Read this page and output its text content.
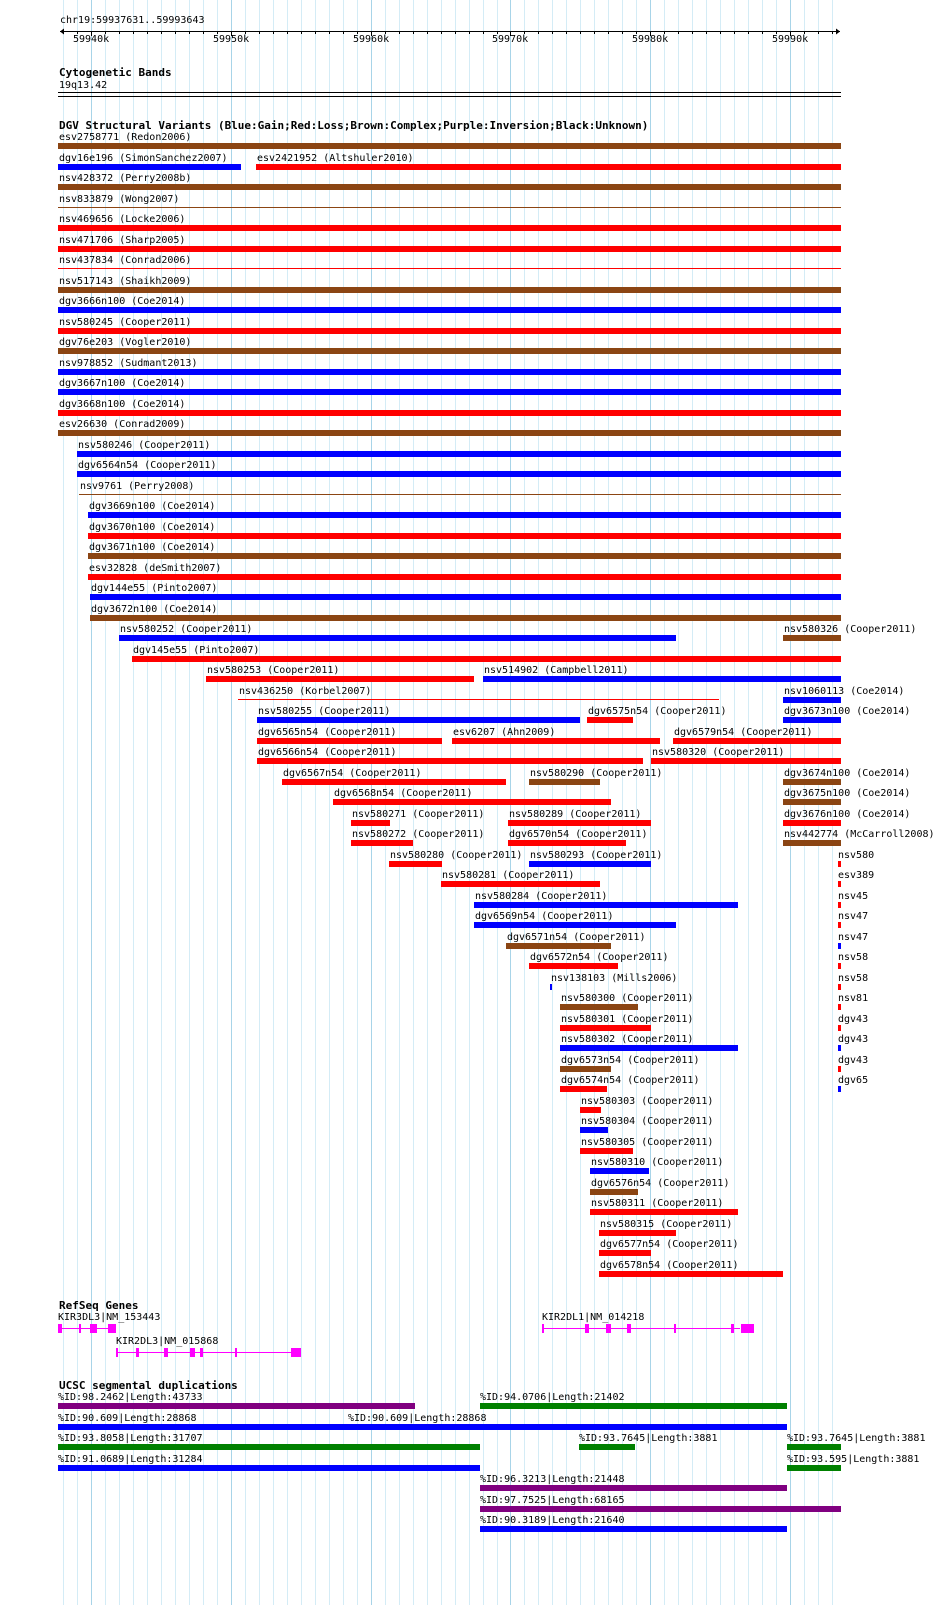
chr19:59937631..59993643
59940k	59950k	59960k	59970k	59980k	59990k
Cytogenetic Bands
19q13.42
DGV Structural Variants (Blue:Gain;Red:Loss;Brown:Complex;Purple:Inversion;Black:Unknown)
esv2758771 (Redon2006)
dgv16e196 (SimonSanchez2007)	esv2421952 (Altshuler2010)
nsv428372 (Perry2008b)
nsv833879 (Wong2007)
nsv469656 (Locke2006)
nsv471706 (Sharp2005)
nsv437834 (Conrad2006)
nsv517143 (Shaikh2009)
dgv3666n100 (Coe2014)
nsv580245 (Cooper2011)
dgv76e203 (Vogler2010)
nsv978852 (Sudmant2013)
dgv3667n100 (Coe2014)
dgv3668n100 (Coe2014)
esv26630 (Conrad2009)
nsv580246 (Cooper2011)
dgv6564n54 (Cooper2011)
nsv9761 (Perry2008)
dgv3669n100 (Coe2014)
dgv3670n100 (Coe2014)
dgv3671n100 (Coe2014)
esv32828 (deSmith2007)
dgv144e55 (Pinto2007)
dgv3672n100 (Coe2014)
nsv580252 (Cooper2011)	nsv580326 (Cooper2011)
dgv145e55 (Pinto2007)
nsv580253 (Cooper2011)	nsv514902 (Campbell2011)
nsv436250 (Korbel2007)	nsv1060113 (Coe2014)
nsv580255 (Cooper2011)	dgv6575n54 (Cooper2011)	dgv3673n100 (Coe2014)
dgv6565n54 (Cooper2011)	esv6207 (Ahn2009)	dgv6579n54 (Cooper2011)
dgv6566n54 (Cooper2011)	nsv580320 (Cooper2011)
dgv6567n54 (Cooper2011)	nsv580290 (Cooper2011)	dgv3674n100 (Coe2014)
dgv6568n54 (Cooper2011)	dgv3675n100 (Coe2014)
nsv580271 (Cooper2011) nsv580289 (Cooper2011)	dgv3676n100 (Coe2014)
nsv580272 (Cooper2011) dgv6570n54 (Cooper2011)	nsv442774 (McCarroll2008)
nsv580280 (Cooper2011) nsv580293 (Cooper2011)
nsv580281 (Cooper2011)
nsv580284 (Cooper2011)
dgv6569n54 (Cooper2011)
dgv6571n54 (Cooper2011)
dgv6572n54 (Cooper2011)
nsv138103 (Mills2006)
nsv580300 (Cooper2011)
nsv580301 (Cooper2011)
nsv580302 (Cooper2011)
dgv6573n54 (Cooper2011)
dgv6574n54 (Cooper2011)
nsv580303 (Cooper2011)
nsv580304 (Cooper2011)
nsv580305 (Cooper2011)
nsv580310 (Cooper2011)
dgv6576n54 (Cooper2011)
nsv580311 (Cooper2011)
nsv580315 (Cooper2011)
dgv6577n54 (Cooper2011)
dgv6578n54 (Cooper2011)
nsv580
esv389
nsv45
nsv47
nsv47
nsv58
nsv58
nsv81
dgv43
dgv43
dgv43
dgv65
RefSeq Genes
KIR3DL3|NM_153443	KIR2DL1|NM_014218
KIR2DL3|NM_015868
UCSC segmental duplications
%ID:98.2462|Length:43733	%ID:94.0706|Length:21402
%ID:90.609|Length:28868	%ID:90.609|Length:28868
%ID:93.8058|Length:31707	%ID:93.7645|Length:3881	%ID:93.7645|Length:3881
%ID:91.0689|Length:31284	%ID:93.595|Length:3881
%ID:96.3213|Length:21448
%ID:97.7525|Length:68165
%ID:90.3189|Length:21640
